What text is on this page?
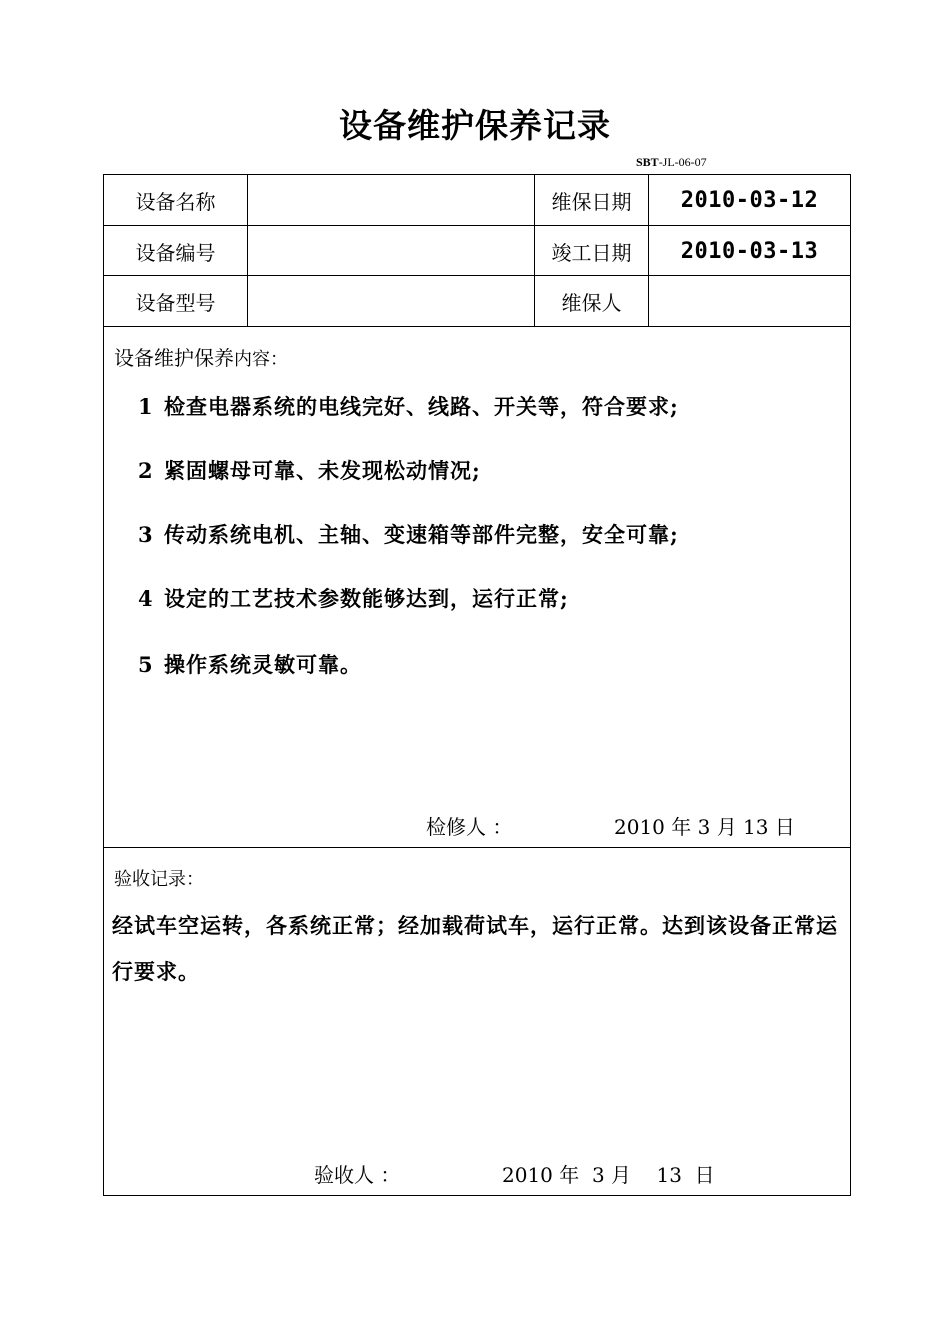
设备维护保养记录
SBT-JL-06-07
设备名称	维保日期	2010-03-12
设备编号	竣工日期	2010-03-13
设备型号	维保人
设备维护保养内容：
1 检查电器系统的电线完好、线路、开关等，符合要求;
2 紧固螺母可靠、未发现松动情况;
3 传动系统电机、主轴、变速箱等部件完整，安全可靠;
4 设定的工艺技术参数能够达到，运行正常;
5 操作系统灵敏可靠。
检修人 ：	2010 年 3 月 13 日
验收记录：
经试车空运转，各系统正常；经加载荷试车，运行正常。达到该设备正常运行要求。
验收人 ：	2010 年  3 月    13  日
